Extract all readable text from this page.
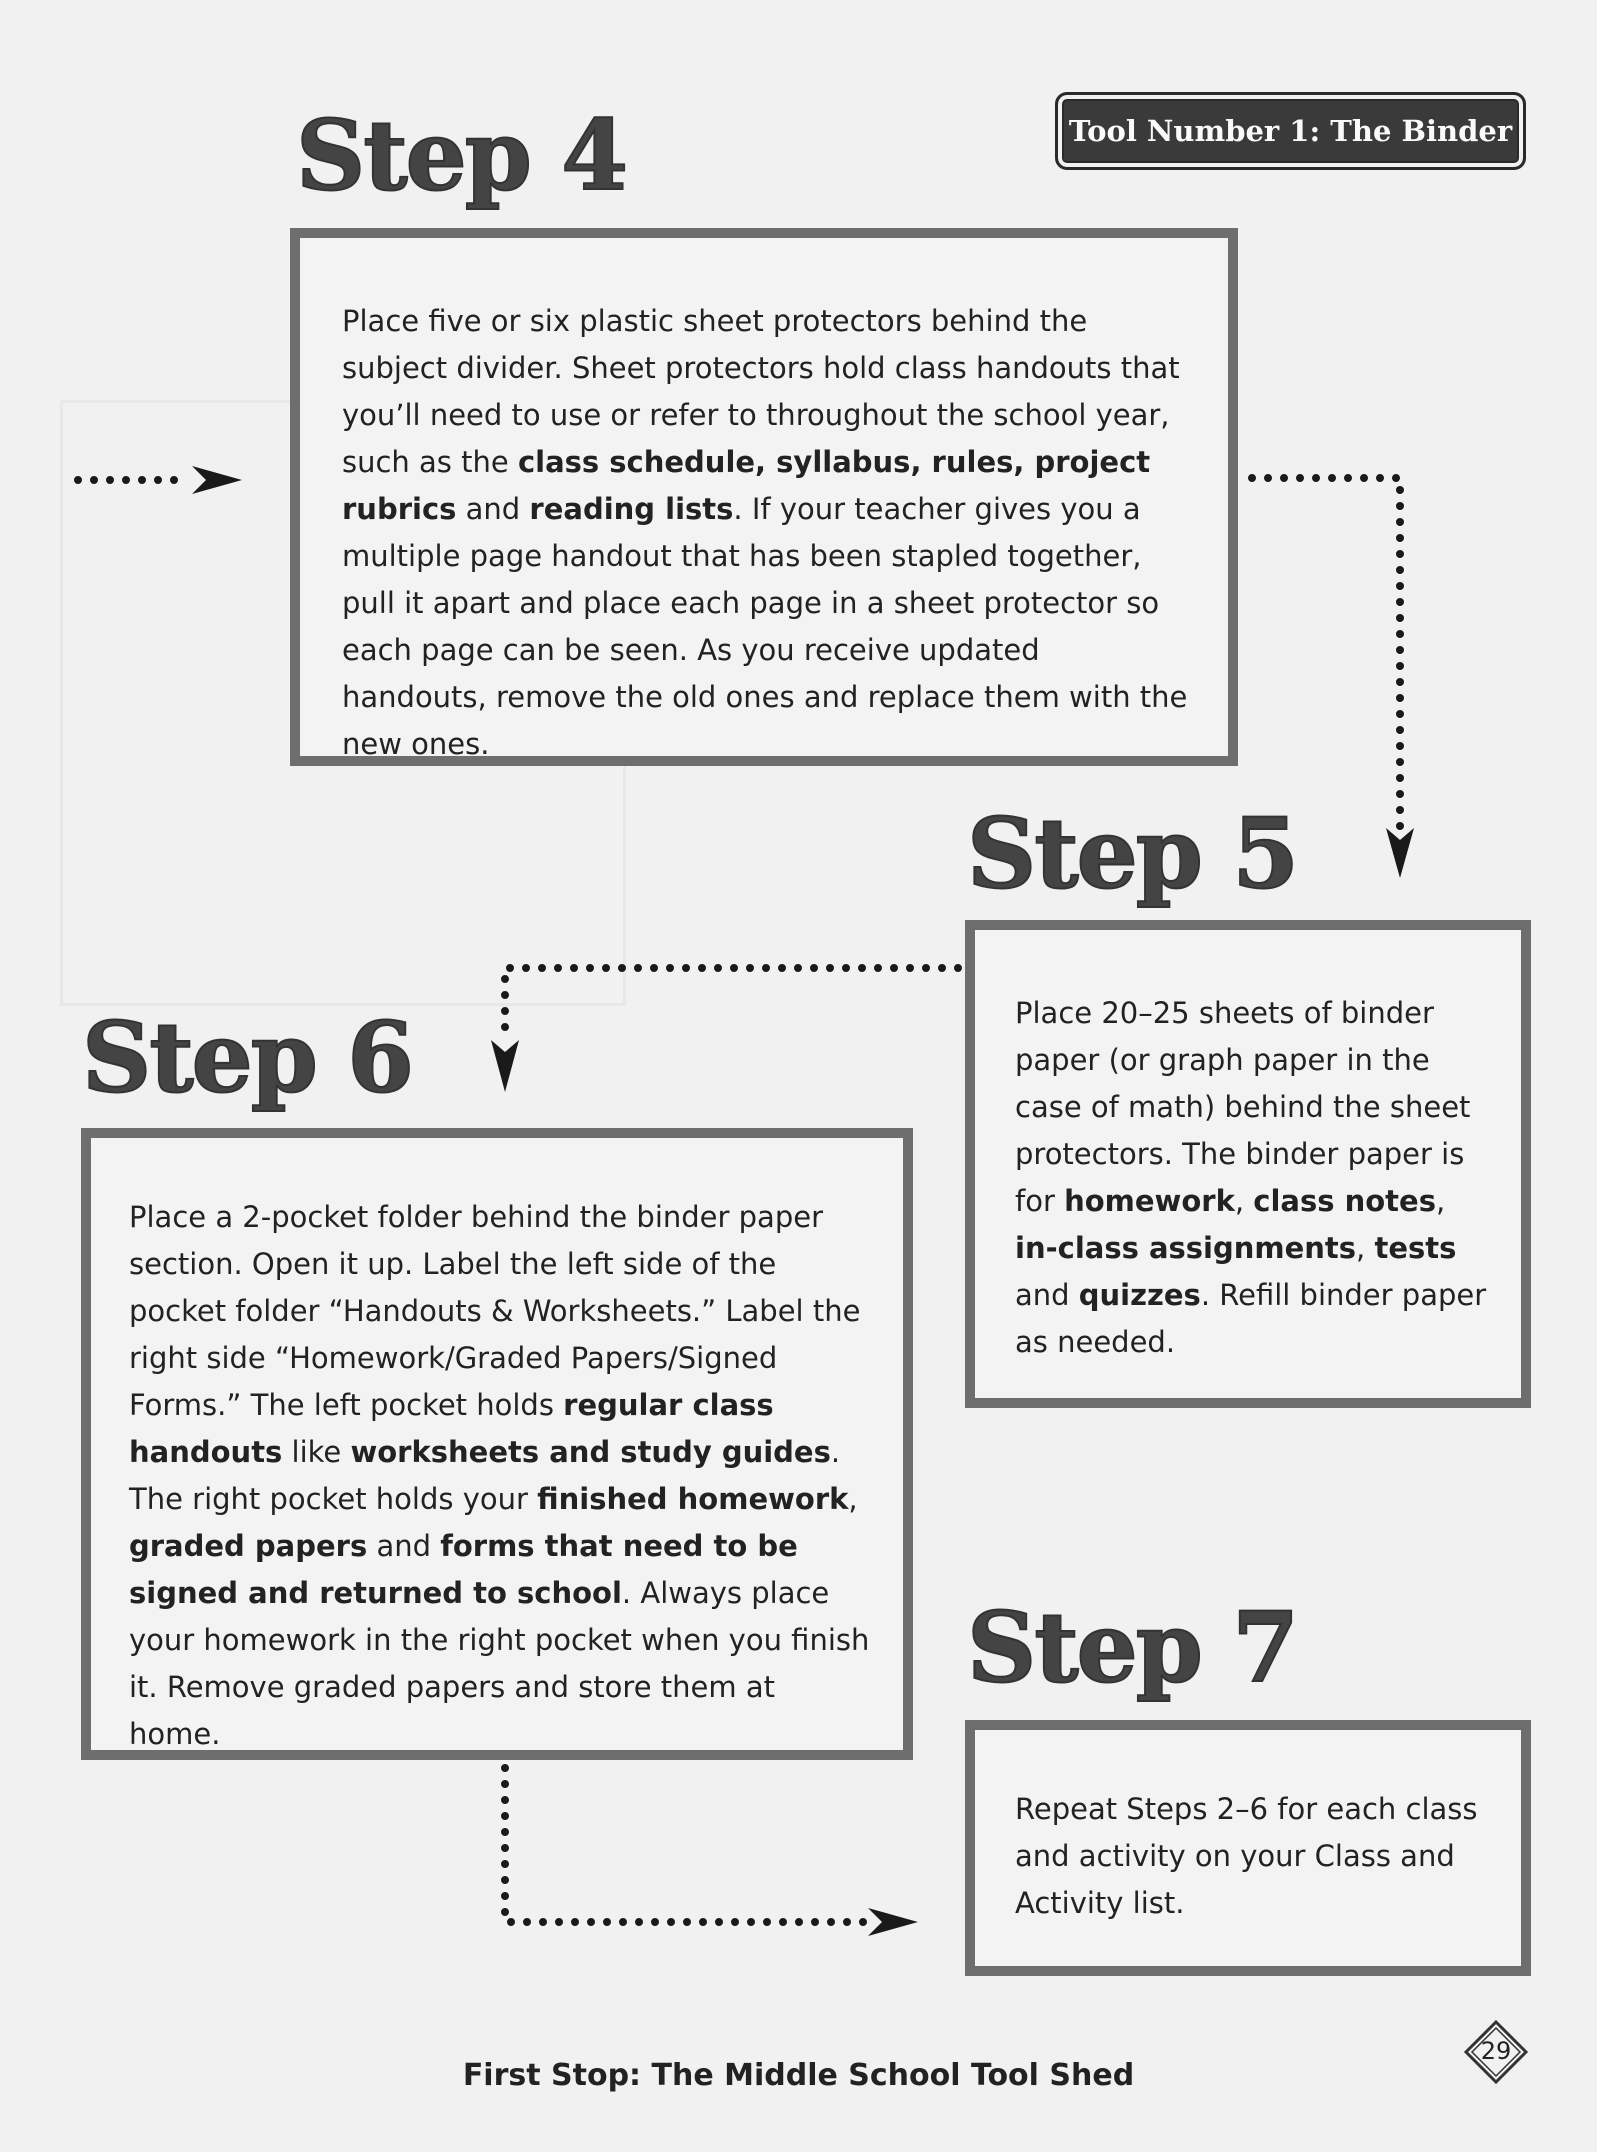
Tool Number 1: The Binder
Step 4

Place five or six plastic sheet protectors behind the subject divider. Sheet protectors hold class handouts that you’ll need to use or refer to throughout the school year, such as the class schedule, syllabus, rules, project rubrics and reading lists. If your teacher gives you a multiple page handout that has been stapled together, pull it apart and place each page in a sheet protector so each page can be seen. As you receive updated handouts, remove the old ones and replace them with the new ones.

Step 5

Place 20–25 sheets of binder paper (or graph paper in the case of math) behind the sheet protectors. The binder paper is for homework, class notes, in-class assignments, tests and quizzes. Refill binder paper as needed.

Step 6

Place a 2-pocket folder behind the binder paper section. Open it up. Label the left side of the pocket folder “Handouts & Worksheets.” Label the right side “Homework/Graded Papers/Signed Forms.” The left pocket holds regular class handouts like worksheets and study guides. The right pocket holds your finished homework, graded papers and forms that need to be signed and returned to school. Always place your homework in the right pocket when you finish it. Remove graded papers and store them at home.

Step 7

Repeat Steps 2–6 for each class and activity on your Class and Activity list.

First Stop: The Middle School Tool Shed
29
